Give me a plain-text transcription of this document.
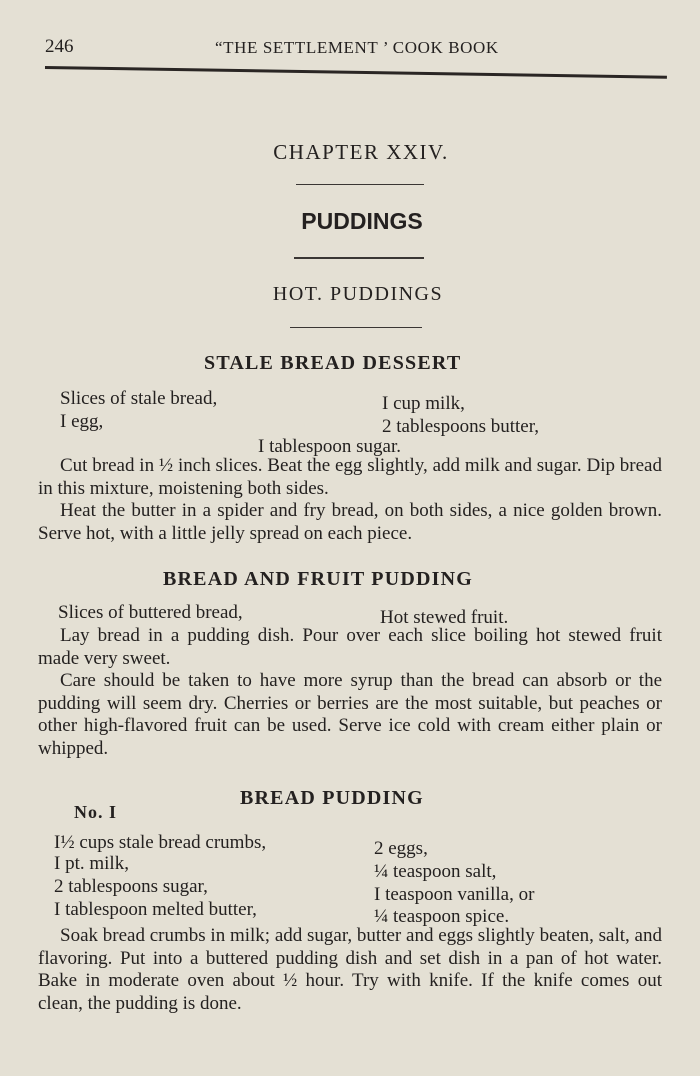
246	“THE SETTLEMENT ’ COOK BOOK
CHAPTER XXIV.
PUDDINGS
HOT. PUDDINGS
STALE BREAD DESSERT
Slices of stale bread,	I cup milk,
I egg,	2 tablespoons butter,
I tablespoon sugar.
Cut bread in ½ inch slices. Beat the egg slightly, add milk and sugar. Dip bread in this mixture, moistening both sides.
Heat the butter in a spider and fry bread, on both sides, a nice golden brown. Serve hot, with a little jelly spread on each piece.
BREAD AND FRUIT PUDDING
Slices of buttered bread,	Hot stewed fruit.
Lay bread in a pudding dish. Pour over each slice boiling hot stewed fruit made very sweet.
Care should be taken to have more syrup than the bread can absorb or the pudding will seem dry. Cherries or berries are the most suitable, but peaches or other high-flavored fruit can be used. Serve ice cold with cream either plain or whipped.
BREAD PUDDING
No. I
I½ cups stale bread crumbs,	2 eggs,
I pt. milk,	¼ teaspoon salt,
2 tablespoons sugar,	I teaspoon vanilla, or
I tablespoon melted butter,	¼ teaspoon spice.
Soak bread crumbs in milk; add sugar, butter and eggs slightly beaten, salt, and flavoring. Put into a buttered pudding dish and set dish in a pan of hot water. Bake in moderate oven about ½ hour. Try with knife. If the knife comes out clean, the pudding is done.
